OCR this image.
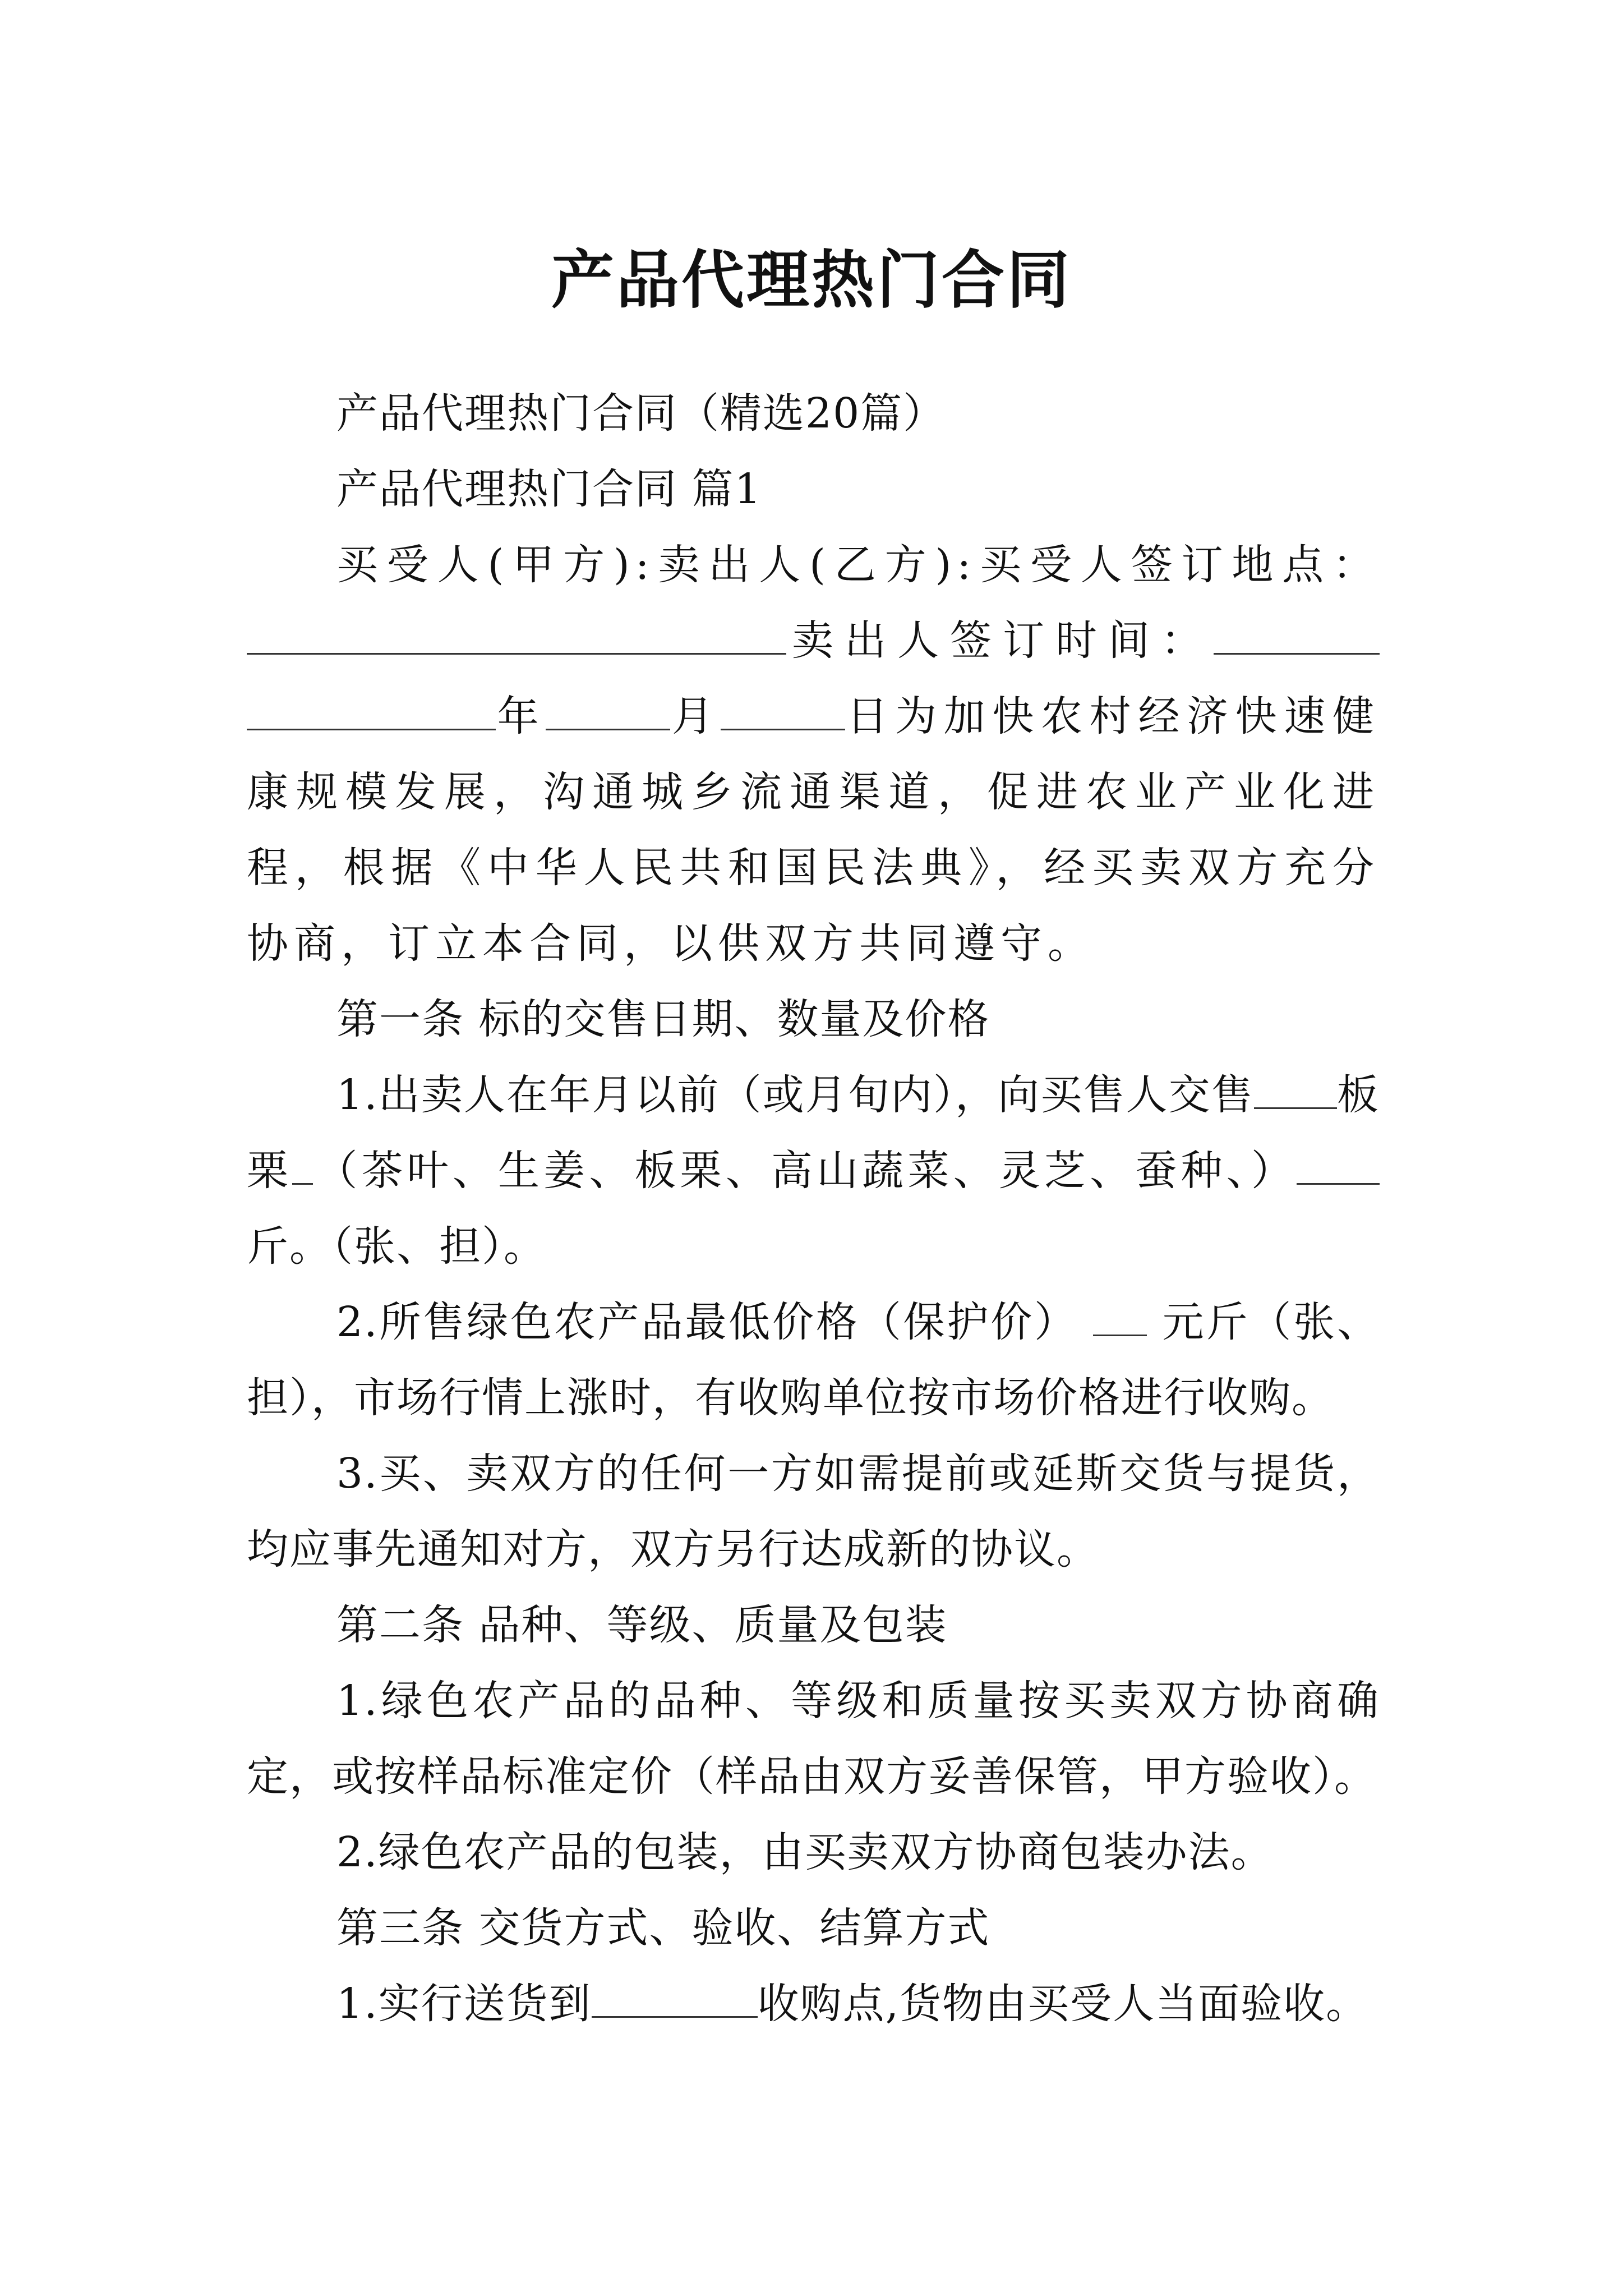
产品代理热门合同

产品代理热门合同（精选20篇）

产品代理热门合同 篇1

买受人(甲方):卖出人(乙方):买受人签订地点：卖出人签订时间： 年	月	日为加快农村经济快速健康规模发展，沟通城乡流通渠道，促进农业产业化进程，根据《中华人民共和国民法典》，经买卖双方充分协商，订立本合同，以供双方共同遵守。

第一条 标的交售日期、数量及价格

1.出卖人在年月以前（或月旬内），向买售人交售 板栗 （茶叶、生姜、板栗、高山蔬菜、灵芝、蚕种、） 斤。（张、担）。

2.所售绿色农产品最低价格（保护价）  元斤（张、担），市场行情上涨时，有收购单位按市场价格进行收购。

3.买、卖双方的任何一方如需提前或延斯交货与提货，均应事先通知对方，双方另行达成新的协议。

第二条 品种、等级、质量及包装

1.绿色农产品的品种、等级和质量按买卖双方协商确定，或按样品标准定价（样品由双方妥善保管，甲方验收）。

2.绿色农产品的包装，由买卖双方协商包装办法。

第三条 交货方式、验收、结算方式

1.实行送货到	收购点,货物由买受人当面验收。
